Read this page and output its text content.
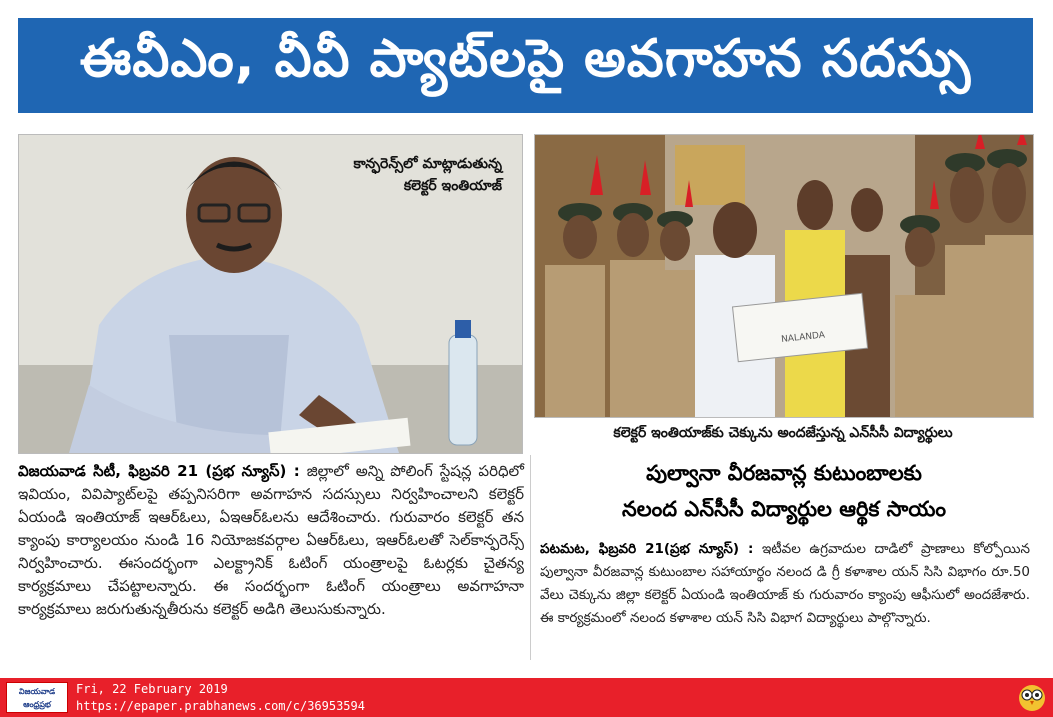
ఈవీఎం, వీవీ ప్యాట్‌లపై అవగాహన సదస్సు
కాన్ఫరెన్స్‌లో మాట్లాడుతున్న
కలెక్టర్ ఇంతియాజ్
NALANDA
కలెక్టర్ ఇంతియాజ్‌కు చెక్కును అందజేస్తున్న ఎన్‌సీసీ విద్యార్థులు
విజయవాడ సిటీ, ఫిబ్రవరి 21 (ప్రభ న్యూస్) : జిల్లాలో అన్ని పోలింగ్ స్టేషన్ల పరిధిలో ఇవియం, వివిప్యాట్‌లపై తప్పనిసరిగా అవగాహన సదస్సులు నిర్వహించాలని కలెక్టర్ ఏయండి ఇంతియాజ్ ఇఆర్ఓలు, ఏఇఆర్ఓలను ఆదేశించారు. గురువారం కలెక్టర్ తన క్యాంపు కార్యాలయం నుండి 16 నియోజకవర్గాల ఏఆర్ఓలు, ఇఆర్ఓలతో సెల్‌కాన్ఫరెన్స్ నిర్వహించారు. ఈసందర్భంగా ఎలక్ట్రానిక్ ఓటింగ్ యంత్రాలపై ఓటర్లకు చైతన్య కార్యక్రమాలు చేపట్టాలన్నారు. ఈ సందర్భంగా ఓటింగ్ యంత్రాలు అవగాహనా కార్యక్రమాలు జరుగుతున్నతీరును కలెక్టర్ అడిగి తెలుసుకున్నారు.
పుల్వానా వీరజవాన్ల కుటుంబాలకు
నలంద ఎన్‌సీసీ విద్యార్థుల ఆర్థిక సాయం
పటమట, ఫిబ్రవరి 21(ప్రభ న్యూస్) : ఇటీవల ఉగ్రవాదుల దాడిలో ప్రాణాలు కోల్పోయిన పుల్వానా వీరజవాన్ల కుటుంబాల సహాయార్థం నలంద డి గ్రీ కళాశాల యన్ సిసి విభాగం రూ.50 వేలు చెక్కును జిల్లా కలెక్టర్ ఏయండి ఇంతియాజ్ కు గురువారం క్యాంపు ఆఫీసులో అందజేశారు. ఈ కార్యక్రమంలో నలంద కళాశాల యన్ సిసి విభాగ విద్యార్థులు పాల్గొన్నారు.
విజయవాడ
ఆంధ్రప్రభ
Fri, 22 February 2019
https://epaper.prabhanews.com/c/36953594
